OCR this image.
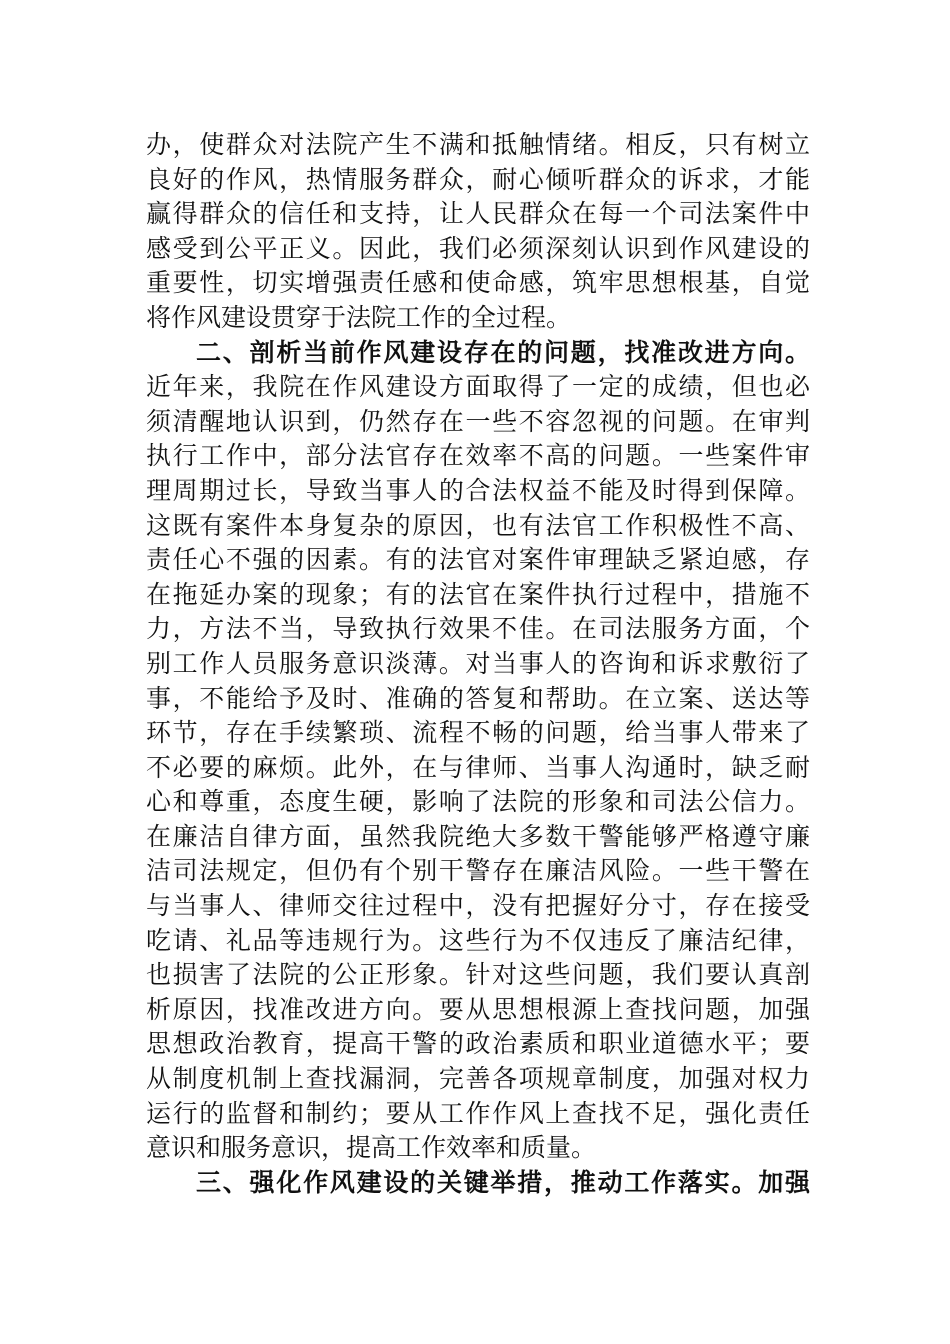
办，使群众对法院产生不满和抵触情绪。相反，只有树立
良好的作风，热情服务群众，耐心倾听群众的诉求，才能
赢得群众的信任和支持，让人民群众在每一个司法案件中
感受到公平正义。因此，我们必须深刻认识到作风建设的
重要性，切实增强责任感和使命感，筑牢思想根基，自觉
将作风建设贯穿于法院工作的全过程。
二、剖析当前作风建设存在的问题，找准改进方向。
近年来，我院在作风建设方面取得了一定的成绩，但也必
须清醒地认识到，仍然存在一些不容忽视的问题。在审判
执行工作中，部分法官存在效率不高的问题。一些案件审
理周期过长，导致当事人的合法权益不能及时得到保障。
这既有案件本身复杂的原因，也有法官工作积极性不高、
责任心不强的因素。有的法官对案件审理缺乏紧迫感，存
在拖延办案的现象；有的法官在案件执行过程中，措施不
力，方法不当，导致执行效果不佳。在司法服务方面，个
别工作人员服务意识淡薄。对当事人的咨询和诉求敷衍了
事，不能给予及时、准确的答复和帮助。在立案、送达等
环节，存在手续繁琐、流程不畅的问题，给当事人带来了
不必要的麻烦。此外，在与律师、当事人沟通时，缺乏耐
心和尊重，态度生硬，影响了法院的形象和司法公信力。
在廉洁自律方面，虽然我院绝大多数干警能够严格遵守廉
洁司法规定，但仍有个别干警存在廉洁风险。一些干警在
与当事人、律师交往过程中，没有把握好分寸，存在接受
吃请、礼品等违规行为。这些行为不仅违反了廉洁纪律，
也损害了法院的公正形象。针对这些问题，我们要认真剖
析原因，找准改进方向。要从思想根源上查找问题，加强
思想政治教育，提高干警的政治素质和职业道德水平；要
从制度机制上查找漏洞，完善各项规章制度，加强对权力
运行的监督和制约；要从工作作风上查找不足，强化责任
意识和服务意识，提高工作效率和质量。
三、强化作风建设的关键举措，推动工作落实。加强
